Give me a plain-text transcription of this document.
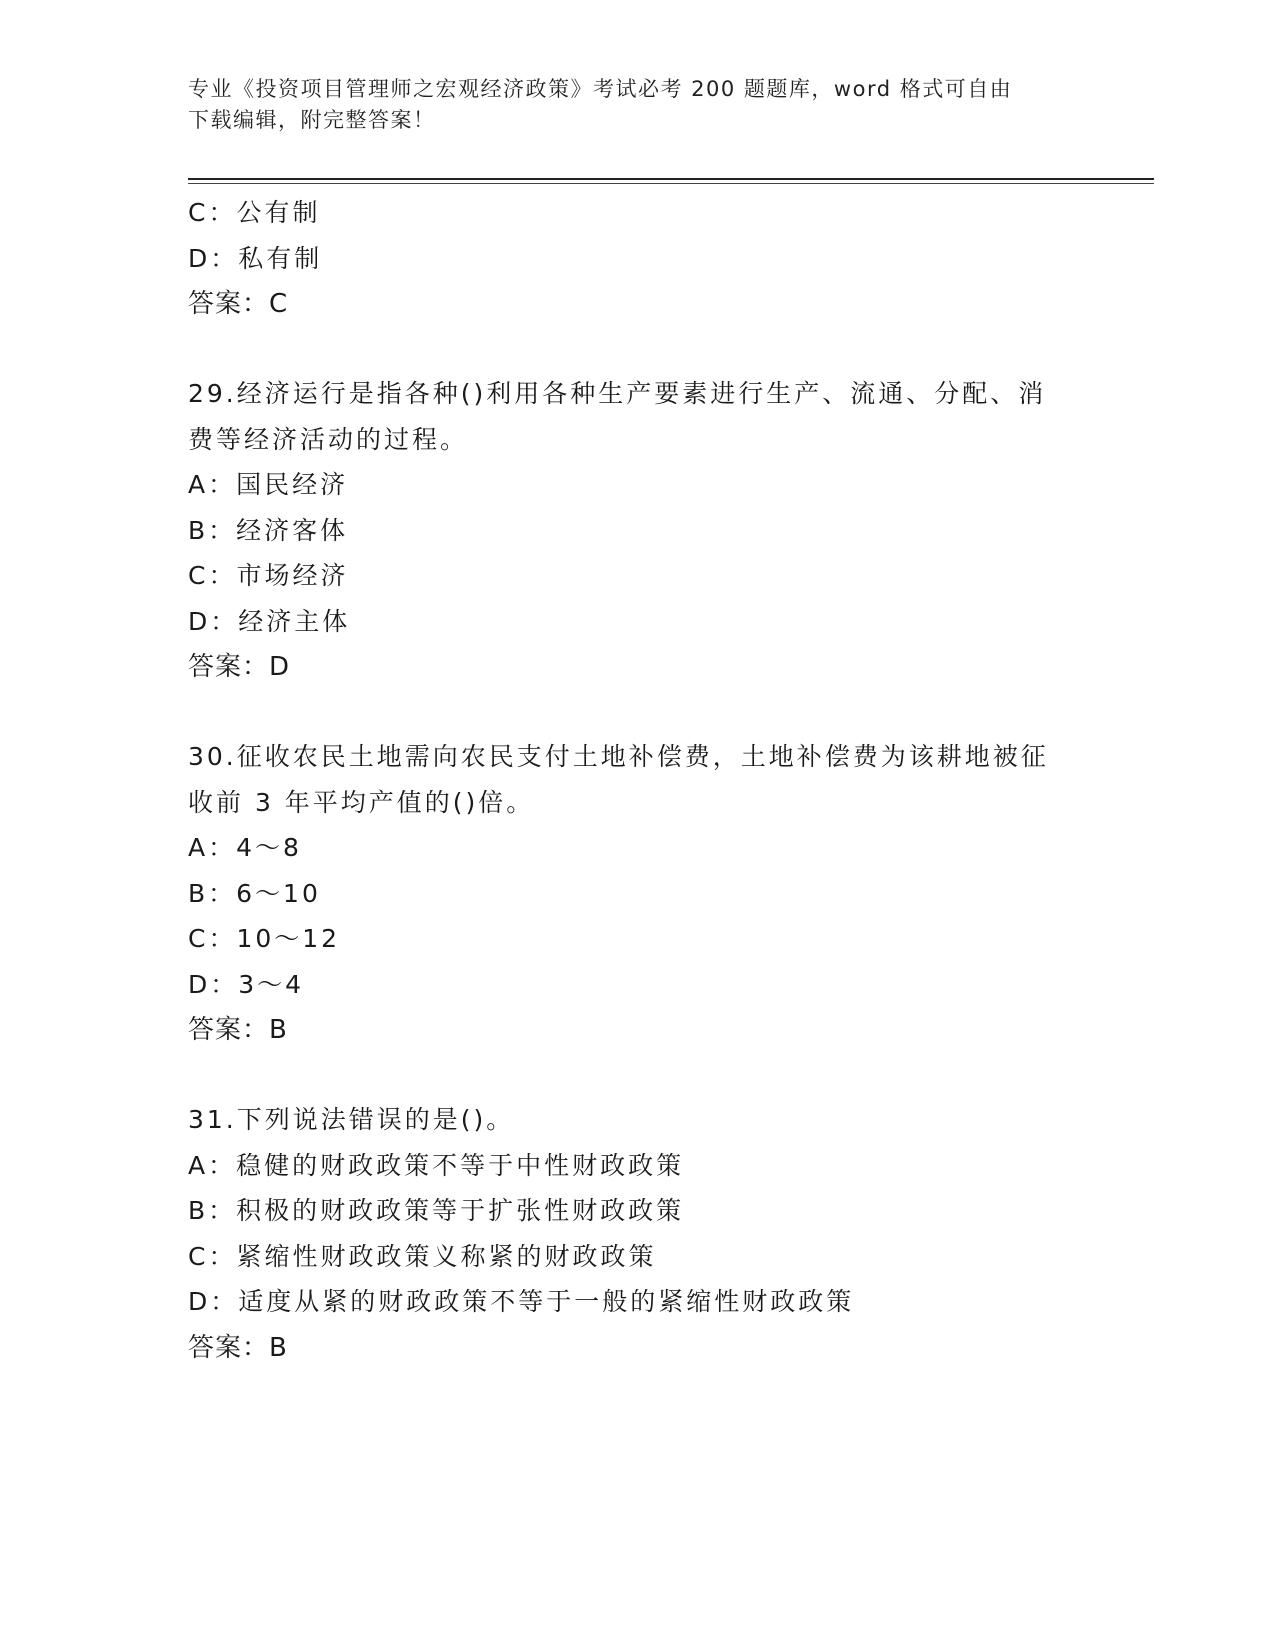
专业《投资项目管理师之宏观经济政策》考试必考 200 题题库，word 格式可自由
下载编辑，附完整答案！
C：公有制
D：私有制
答案：C
29.经济运行是指各种()利用各种生产要素进行生产、流通、分配、消
费等经济活动的过程。
A：国民经济
B：经济客体
C：市场经济
D：经济主体
答案：D
30.征收农民土地需向农民支付土地补偿费，土地补偿费为该耕地被征
收前 3 年平均产值的()倍。
A：4～8
B：6～10
C：10～12
D：3～4
答案：B
31.下列说法错误的是()。
A：稳健的财政政策不等于中性财政政策
B：积极的财政政策等于扩张性财政政策
C：紧缩性财政政策义称紧的财政政策
D：适度从紧的财政政策不等于一般的紧缩性财政政策
答案：B
